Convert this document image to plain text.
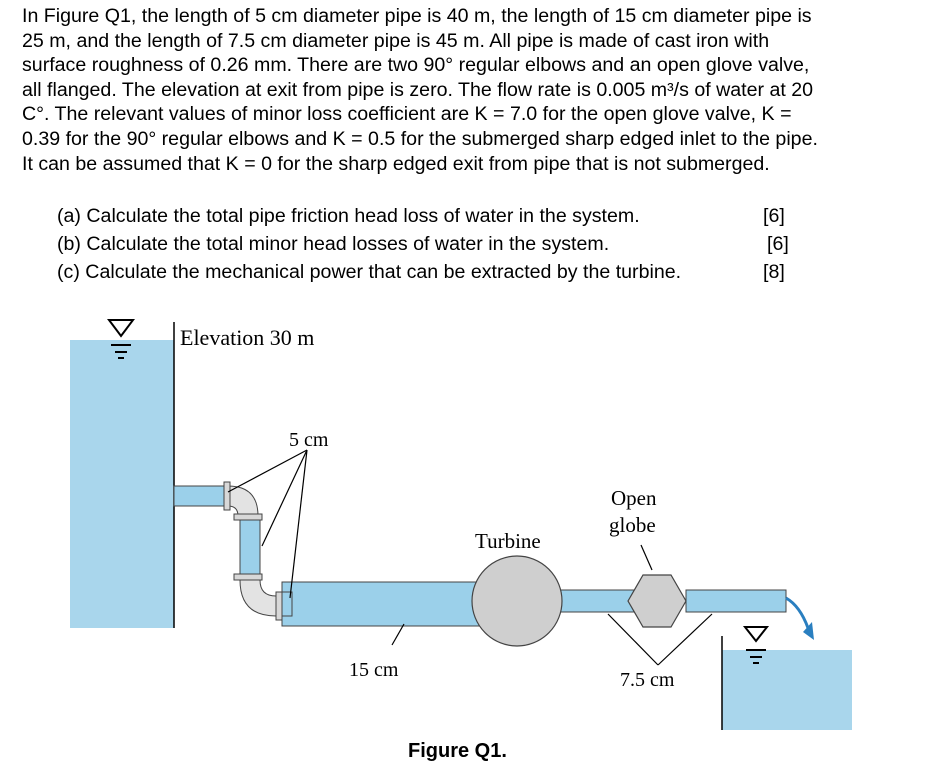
In Figure Q1, the length of 5 cm diameter pipe is 40 m, the length of 15 cm diameter pipe is
25 m, and the length of 7.5 cm diameter pipe is 45 m. All pipe is made of cast iron with
surface roughness of 0.26 mm. There are two 90° regular elbows and an open glove valve,
all flanged. The elevation at exit from pipe is zero. The flow rate is 0.005 m³/s of water at 20
C°. The relevant values of minor loss coefficient are K = 7.0 for the open glove valve, K =
0.39 for the 90° regular elbows and K = 0.5 for the submerged sharp edged inlet to the pipe.
It can be assumed that K = 0 for the sharp edged exit from pipe that is not submerged.
(a) Calculate the total pipe friction head loss of water in the system.	[6]
(b) Calculate the total minor head losses of water in the system.	[6]
(c) Calculate the mechanical power that can be extracted by the turbine.	[8]
Elevation 30 m
5 cm
Turbine
Open
globe
15 cm	7.5 cm
Figure Q1.
